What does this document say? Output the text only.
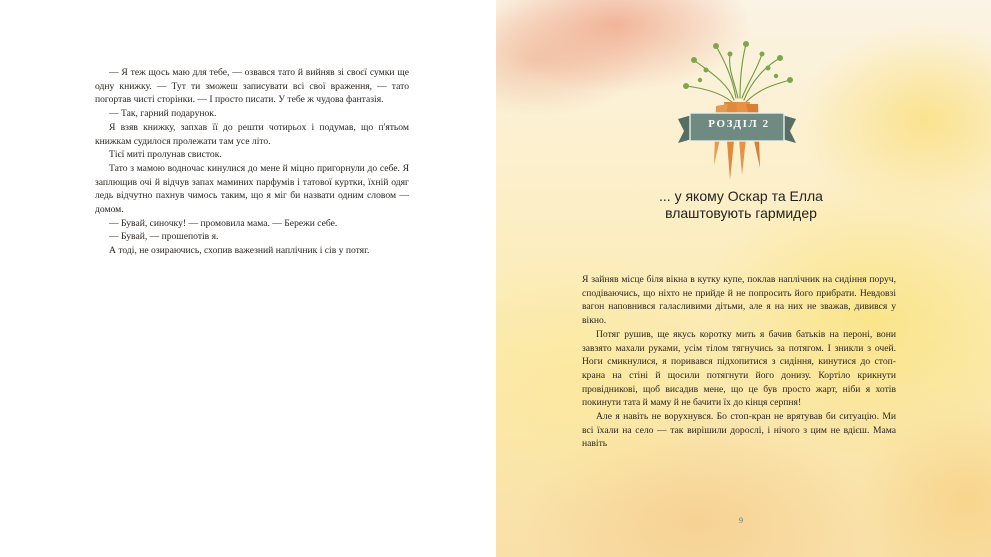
— Я теж щось маю для тебе, — озвався тато й вийняв зі своєї сумки ще одну книжку. — Тут ти зможеш записувати всі свої враження, — тато погортав чисті сторінки. — І просто писати. У тебе ж чудова фантазія.

— Так, гарний подарунок.

Я взяв книжку, запхав її до решти чотирьох і подумав, що п'ятьом книжкам судилося пролежати там усе літо.

Тієї миті пролунав свисток.

Тато з мамою водночас кинулися до мене й міцно пригорнули до себе. Я заплющив очі й відчув запах маминих парфумів і татової куртки, їхній одяг ледь відчутно пахнув чимось таким, що я міг би назвати одним словом — домом.

— Бувай, синочку! — промовила мама. — Бережи себе.

— Бувай, — прошепотів я.

А тоді, не озираючись, схопив важезний наплічник і сів у потяг.

РОЗДІЛ 2
... у якому Оскар та Елла
влаштовують гармидер

Я зайняв місце біля вікна в кутку купе, поклав наплічник на сидіння поруч, сподіваючись, що ніхто не прийде й не попросить його прибрати. Невдовзі вагон наповнився галасливими дітьми, але я на них не зважав, дивився у вікно.

Потяг рушив, ще якусь коротку мить я бачив батьків на пероні, вони завзято махали руками, усім тілом тягнучись за потягом. І зникли з очей. Ноги смикнулися, я поривався підхопитися з сидіння, кинутися до стоп-крана на стіні й щосили потягнути його донизу. Кортіло крикнути провідникові, щоб висадив мене, що це був просто жарт, ніби я хотів покинути тата й маму й не бачити їх до кінця серпня!

Але я навіть не ворухнувся. Бо стоп-кран не врятував би ситуацію. Ми всі їхали на село — так вирішили дорослі, і нічого з цим не вдієш. Мама навіть

9
